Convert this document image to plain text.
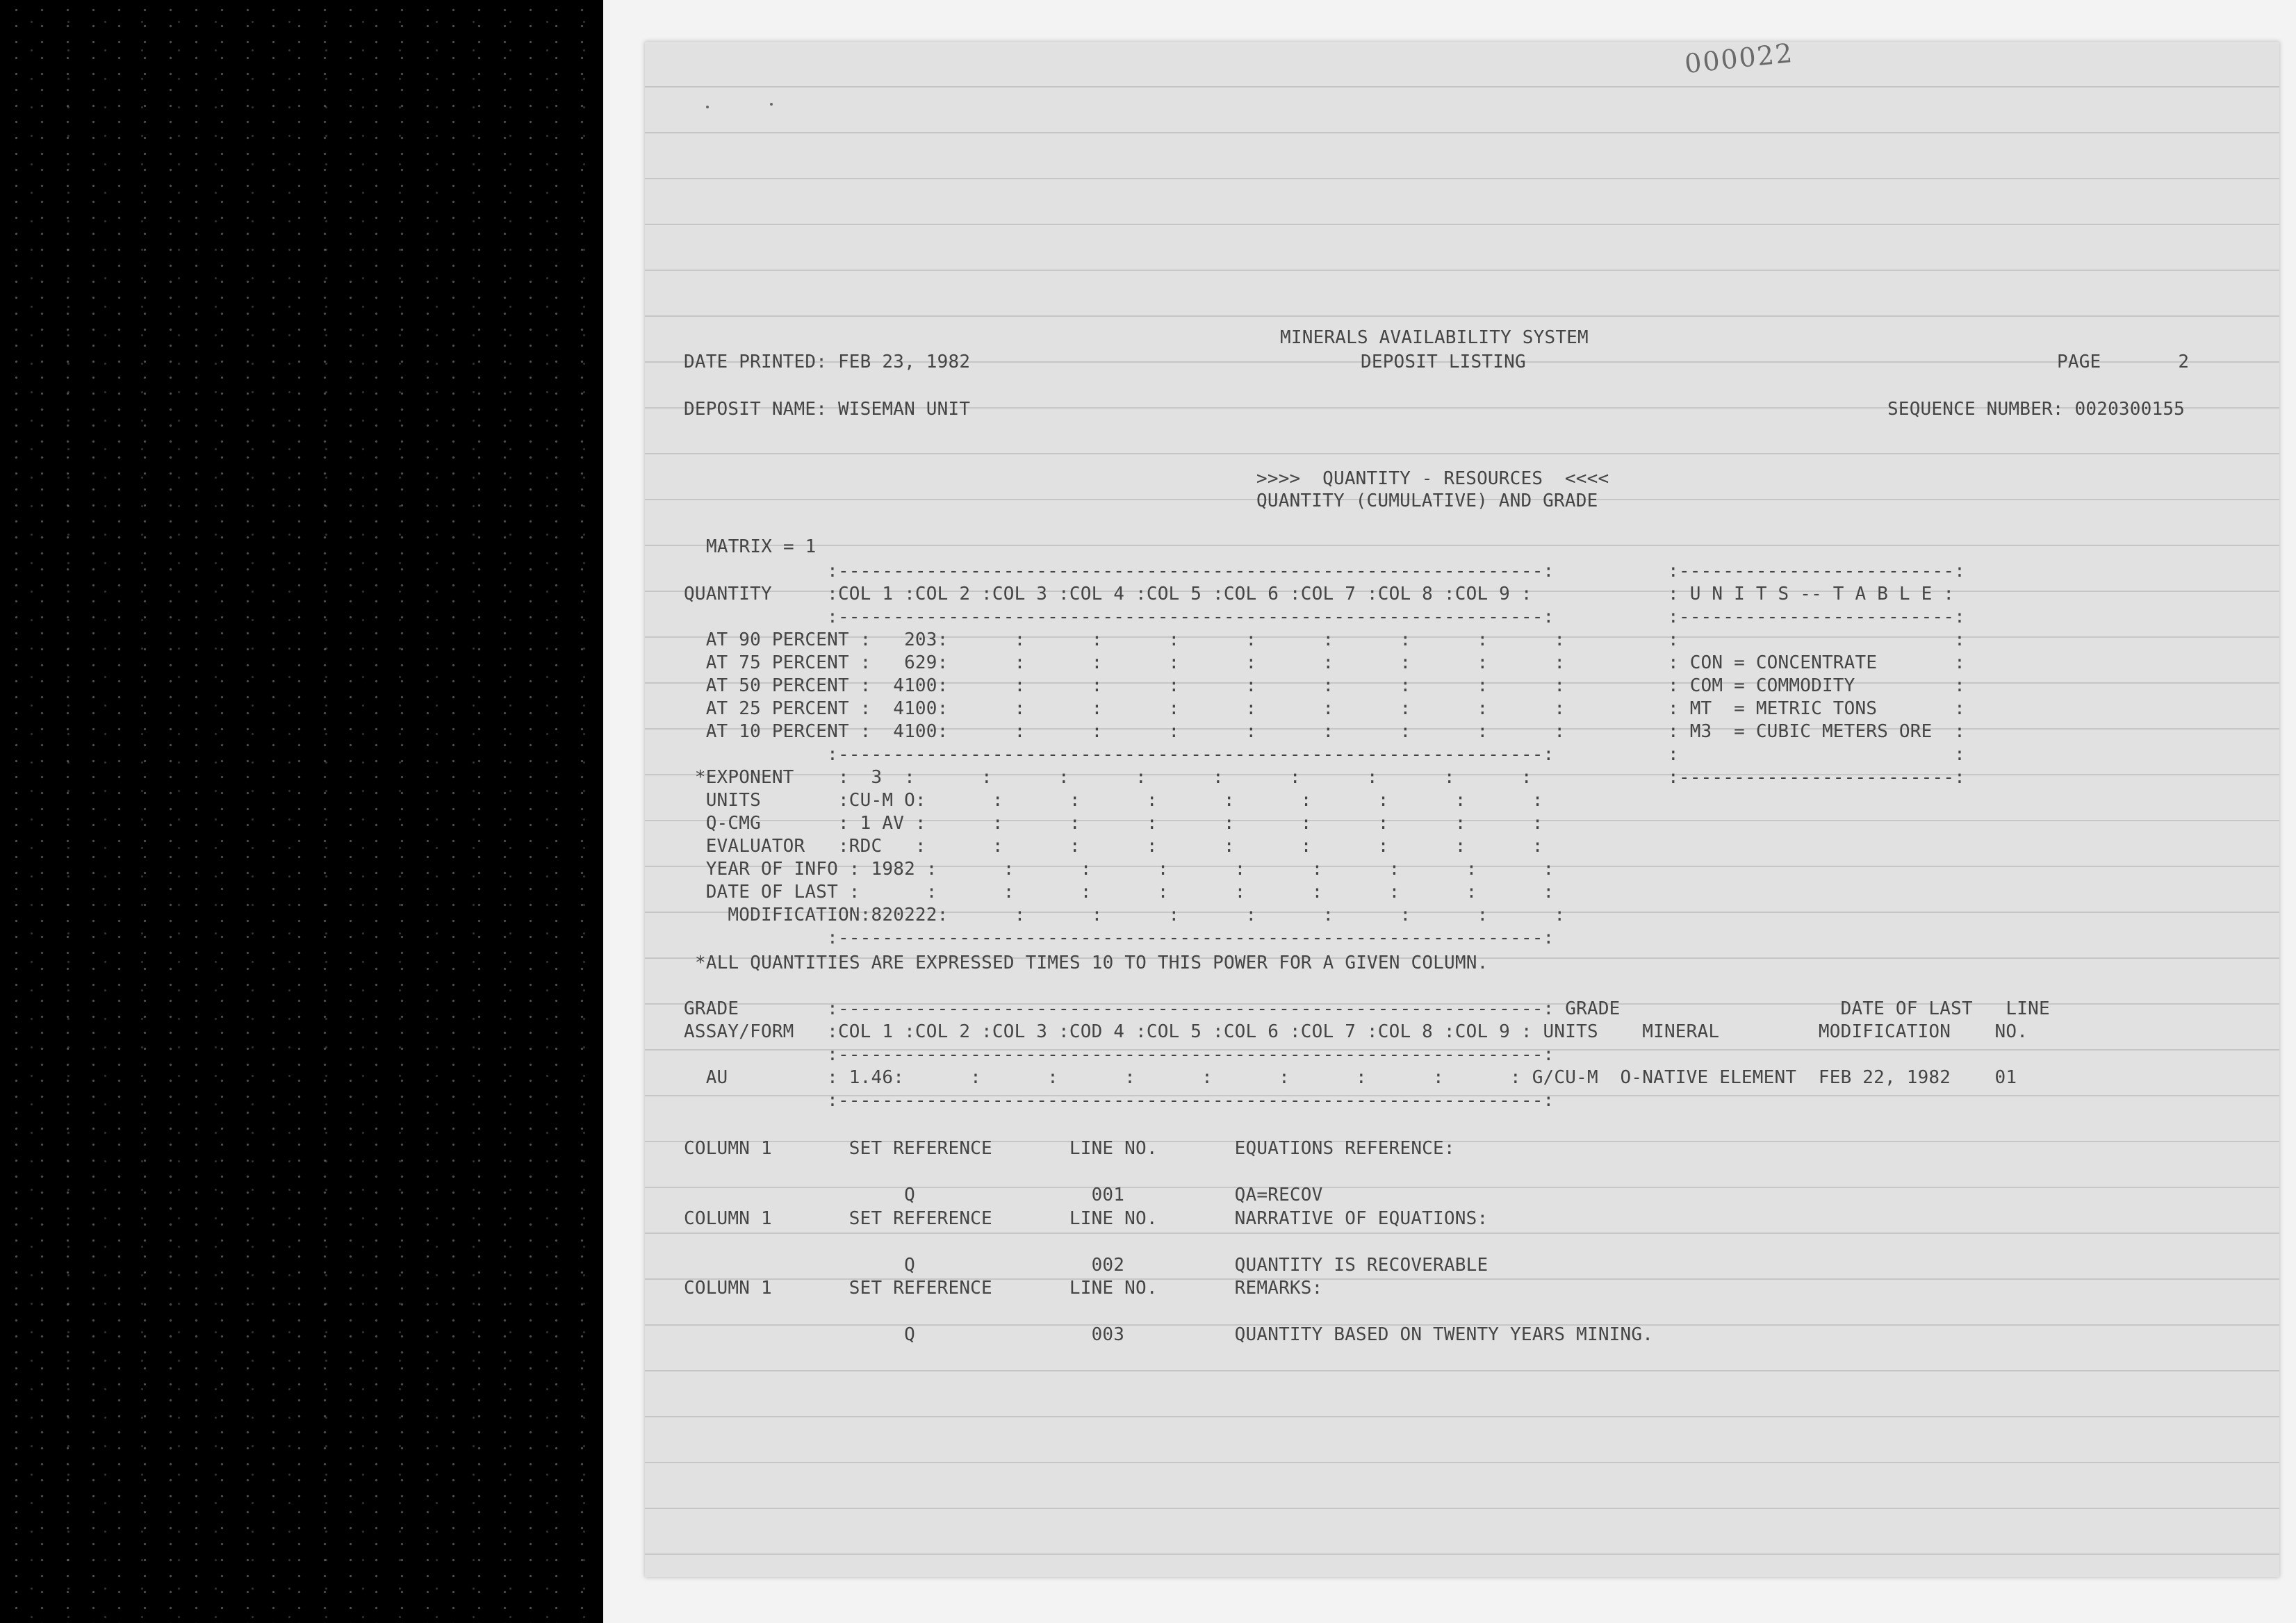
000022
MINERALS AVAILABILITY SYSTEM
DATE PRINTED: FEB 23, 1982	DEPOSIT LISTING	PAGE       2
DEPOSIT NAME: WISEMAN UNIT	SEQUENCE NUMBER: 0020300155
>>>>  QUANTITY - RESOURCES  <<<<
QUANTITY (CUMULATIVE) AND GRADE
MATRIX = 1
:----------------------------------------------------------------:
QUANTITY     :COL 1 :COL 2 :COL 3 :COL 4 :COL 5 :COL 6 :COL 7 :COL 8 :COL 9 :
:----------------------------------------------------------------:
AT 90 PERCENT :   203:      :      :      :      :      :      :      :      :
AT 75 PERCENT :   629:      :      :      :      :      :      :      :      :
AT 50 PERCENT :  4100:      :      :      :      :      :      :      :      :
AT 25 PERCENT :  4100:      :      :      :      :      :      :      :      :
AT 10 PERCENT :  4100:      :      :      :      :      :      :      :      :
:----------------------------------------------------------------:
*EXPONENT    :  3  :      :      :      :      :      :      :      :      :
UNITS       :CU-M O:      :      :      :      :      :      :      :      :
Q-CMG       : 1 AV :      :      :      :      :      :      :      :      :
EVALUATOR   :RDC   :      :      :      :      :      :      :      :      :
YEAR OF INFO : 1982 :      :      :      :      :      :      :      :      :
DATE OF LAST :      :      :      :      :      :      :      :      :      :
MODIFICATION:820222:      :      :      :      :      :      :      :      :
:----------------------------------------------------------------:
:-------------------------:
: U N I T S -- T A B L E :
:-------------------------:
:                         :
: CON = CONCENTRATE       :
: COM = COMMODITY         :
: MT  = METRIC TONS       :
: M3  = CUBIC METERS ORE  :
:                         :
:-------------------------:
*ALL QUANTITIES ARE EXPRESSED TIMES 10 TO THIS POWER FOR A GIVEN COLUMN.
GRADE        :----------------------------------------------------------------: GRADE                    DATE OF LAST   LINE
ASSAY/FORM   :COL 1 :COL 2 :COL 3 :COD 4 :COL 5 :COL 6 :COL 7 :COL 8 :COL 9 : UNITS    MINERAL         MODIFICATION    NO.
:----------------------------------------------------------------:
AU         : 1.46:      :      :      :      :      :      :      :      : G/CU-M  O-NATIVE ELEMENT  FEB 22, 1982    01
:----------------------------------------------------------------:
COLUMN 1       SET REFERENCE       LINE NO.       EQUATIONS REFERENCE:
Q                001          QA=RECOV
COLUMN 1       SET REFERENCE       LINE NO.       NARRATIVE OF EQUATIONS:
Q                002          QUANTITY IS RECOVERABLE
COLUMN 1       SET REFERENCE       LINE NO.       REMARKS:
Q                003          QUANTITY BASED ON TWENTY YEARS MINING.
